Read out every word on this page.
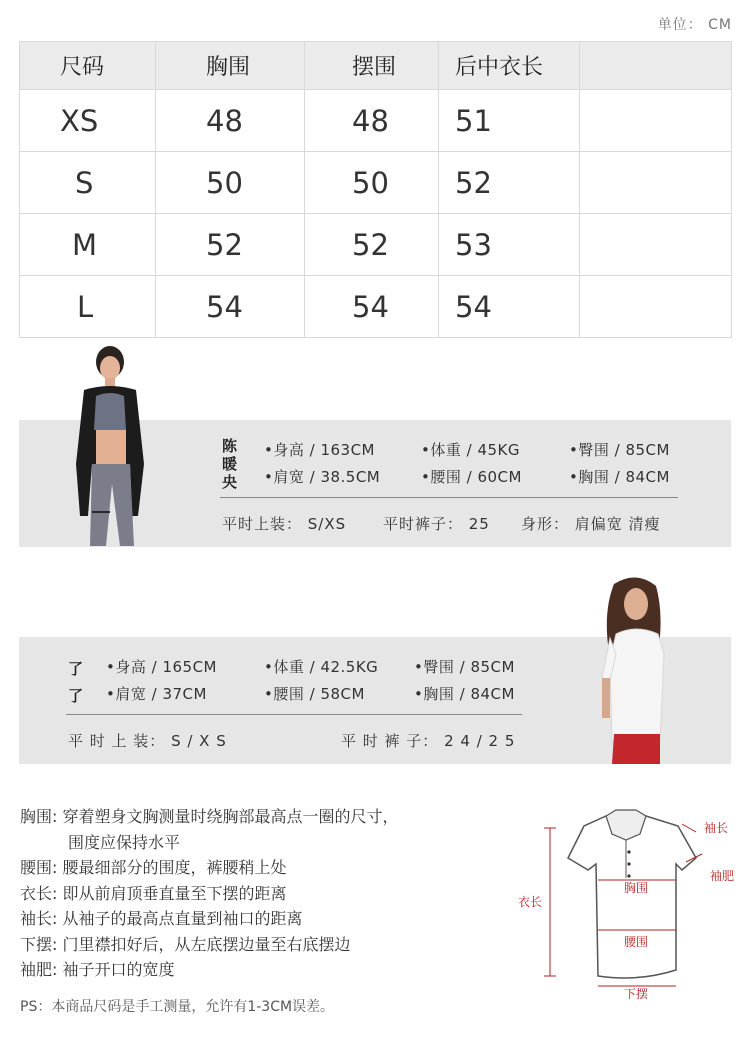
单位： CM
尺码	胸围	摆围	后中衣长	
XS	48	48	51	
S	50	50	52	
M	52	52	53	
L	54	54	54	
陈暖央
•身高 / 163CM	•体重 / 45KG	•臀围 / 85CM
•肩宽 / 38.5CM	•腰围 / 60CM	•胸围 / 84CM
平时上装： S/XS 平时裤子： 25 身形： 肩偏宽 清瘦
了了
•身高 / 165CM	•体重 / 42.5KG •臀围 / 85CM
•肩宽 / 37CM	•腰围 / 58CM	•胸围 / 84CM
平 时 上 装： S / X S	平 时 裤 子： 2 4 / 2 5
胸围: 穿着塑身文胸测量时绕胸部最高点一圈的尺寸，
围度应保持水平
腰围: 腰最细部分的围度，裤腰稍上处
衣长: 即从前肩顶垂直量至下摆的距离
袖长: 从袖子的最高点直量到袖口的距离
下摆: 门里襟扣好后，从左底摆边量至右底摆边
袖肥: 袖子开口的宽度
PS：本商品尺码是手工测量，允许有1-3CM误差。
衣长
胸围
腰围
下摆
袖长
袖肥
